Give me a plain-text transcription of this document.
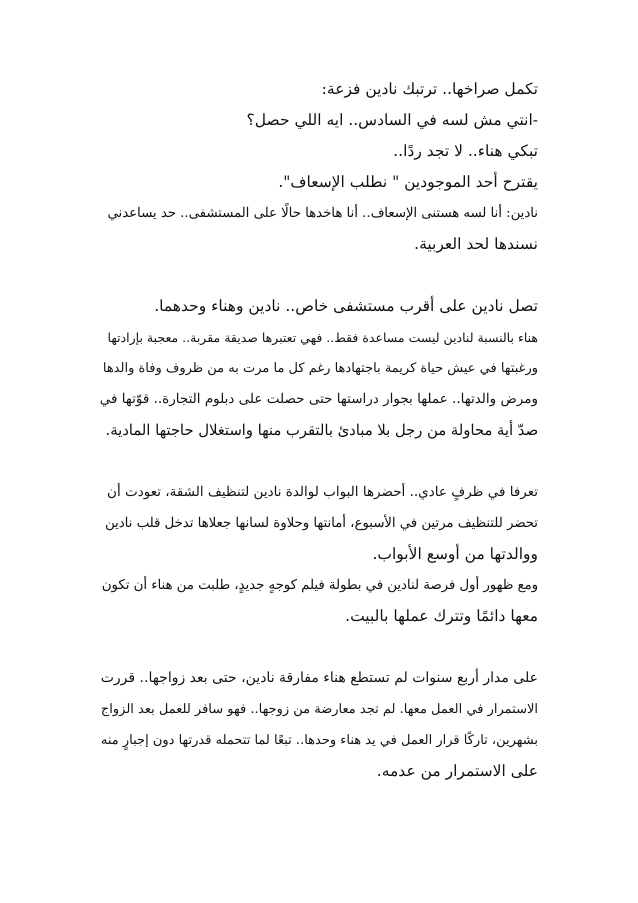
تكمل صراخها.. ترتبك نادين فزعة:
-انتي مش لسه في السادس.. ايه اللي حصل؟
تبكي هناء.. لا تجد ردًا..
يقترح أحد الموجودين " نطلب الإسعاف".
نادين: أنا لسه هستنى الإسعاف.. أنا هاخدها حالًا على المستشفى.. حد يساعدني
نسندها لحد العربية.
تصل نادين على أقرب مستشفى خاص.. نادين وهناء وحدهما.
هناء بالنسبة لنادين ليست مساعدة فقط.. فهي تعتبرها صديقة مقربة.. معجبة بإرادتها
ورغبتها في عيش حياة كريمة باجتهادها رغم كل ما مرت به من ظروف وفاة والدها
ومرض والدتها.. عملها بجوار دراستها حتى حصلت على دبلوم التجارة.. قوّتها في
صدّ أية محاولة من رجل بلا مبادئ بالتقرب منها واستغلال حاجتها المادية.
تعرفا في ظرفٍ عادي.. أحضرها البواب لوالدة نادين لتنظيف الشقة، تعودت أن
تحضر للتنظيف مرتين في الأسبوع، أمانتها وحلاوة لسانها جعلاها تدخل قلب نادين
ووالدتها من أوسع الأبواب.
ومع ظهور أول فرصة لنادين في بطولة فيلم كوجهٍ جديدٍ، طلبت من هناء أن تكون
معها دائمًا وتترك عملها بالبيت.
على مدار أربع سنوات لم تستطع هناء مفارقة نادين، حتى بعد زواجها.. قررت
الاستمرار في العمل معها. لم تجد معارضة من زوجها.. فهو سافر للعمل بعد الزواج
بشهرين، تاركًا قرار العمل في يد هناء وحدها.. تبعًا لما تتحمله قدرتها دون إجبارٍ منه
على الاستمرار من عدمه.
